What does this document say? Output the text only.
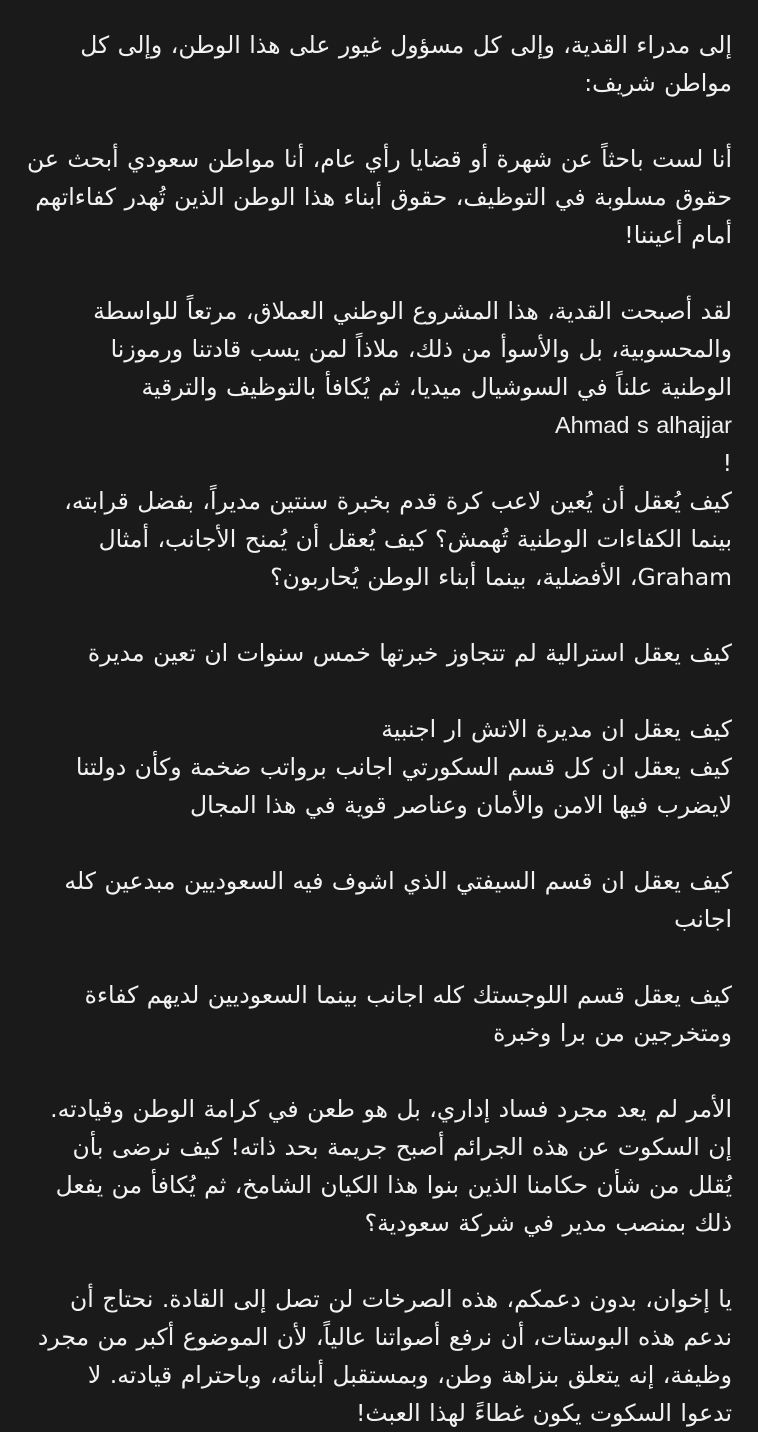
إلى مدراء القدية، وإلى كل مسؤول غيور على هذا الوطن، وإلى كل
مواطن شريف:
أنا لست باحثاً عن شهرة أو قضايا رأي عام، أنا مواطن سعودي أبحث عن
حقوق مسلوبة في التوظيف، حقوق أبناء هذا الوطن الذين تُهدر كفاءاتهم
أمام أعيننا!
لقد أصبحت القدية، هذا المشروع الوطني العملاق، مرتعاً للواسطة
والمحسوبية، بل والأسوأ من ذلك، ملاذاً لمن يسب قادتنا ورموزنا
الوطنية علناً في السوشيال ميديا، ثم يُكافأ بالتوظيف والترقية
Ahmad s alhajjar
!
كيف يُعقل أن يُعين لاعب كرة قدم بخبرة سنتين مديراً، بفضل قرابته،
بينما الكفاءات الوطنية تُهمش؟ كيف يُعقل أن يُمنح الأجانب، أمثال
Graham، الأفضلية، بينما أبناء الوطن يُحاربون؟
كيف يعقل استرالية لم تتجاوز خبرتها خمس سنوات ان تعين مديرة
كيف يعقل ان مديرة الاتش ار اجنبية
كيف يعقل ان كل قسم السكورتي اجانب برواتب ضخمة وكأن دولتنا
لايضرب فيها الامن والأمان وعناصر قوية في هذا المجال
كيف يعقل ان قسم السيفتي الذي اشوف فيه السعوديين مبدعين كله
اجانب
كيف يعقل قسم اللوجستك كله اجانب بينما السعوديين لديهم كفاءة
ومتخرجين من برا وخبرة
الأمر لم يعد مجرد فساد إداري، بل هو طعن في كرامة الوطن وقيادته.
إن السكوت عن هذه الجرائم أصبح جريمة بحد ذاته! كيف نرضى بأن
يُقلل من شأن حكامنا الذين بنوا هذا الكيان الشامخ، ثم يُكافأ من يفعل
ذلك بمنصب مدير في شركة سعودية؟
يا إخوان، بدون دعمكم، هذه الصرخات لن تصل إلى القادة. نحتاج أن
ندعم هذه البوستات، أن نرفع أصواتنا عالياً، لأن الموضوع أكبر من مجرد
وظيفة، إنه يتعلق بنزاهة وطن، وبمستقبل أبنائه، وباحترام قيادته. لا
تدعوا السكوت يكون غطاءً لهذا العبث!
